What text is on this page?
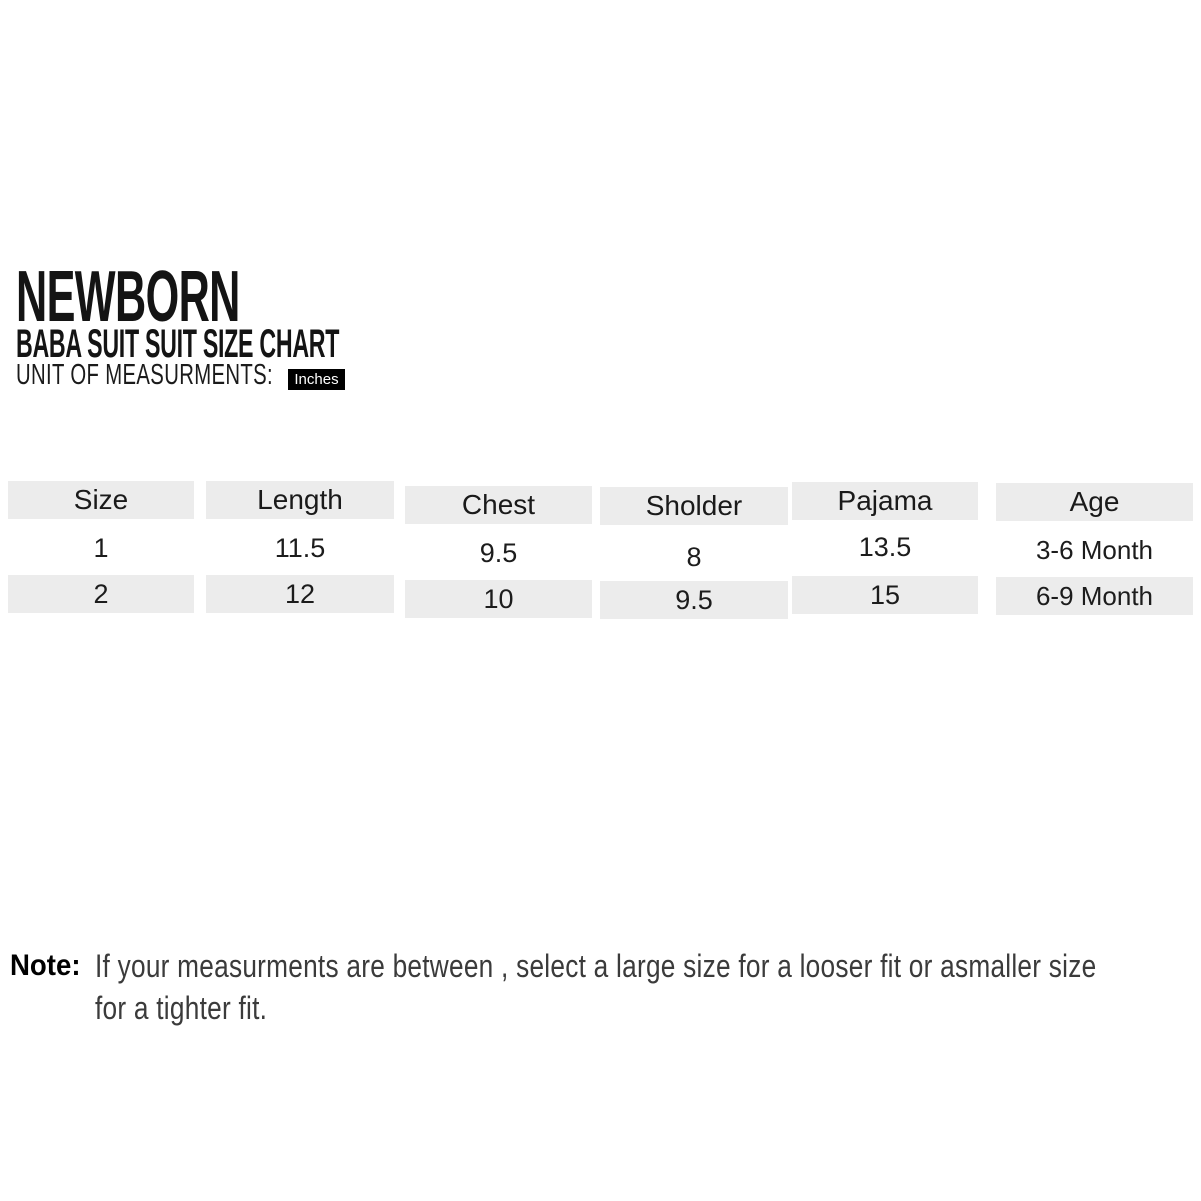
NEWBORN
BABA SUIT SUIT SIZE CHART
UNIT OF MEASURMENTS:	Inches
Size
1
2
Length
11.5
12
Chest
9.5
10
Sholder
8
9.5
Pajama
13.5
15
Age
3-6 Month
6-9 Month
Note: If your measurments are between , select a large size for a looser fit or asmaller size
for a tighter fit.
